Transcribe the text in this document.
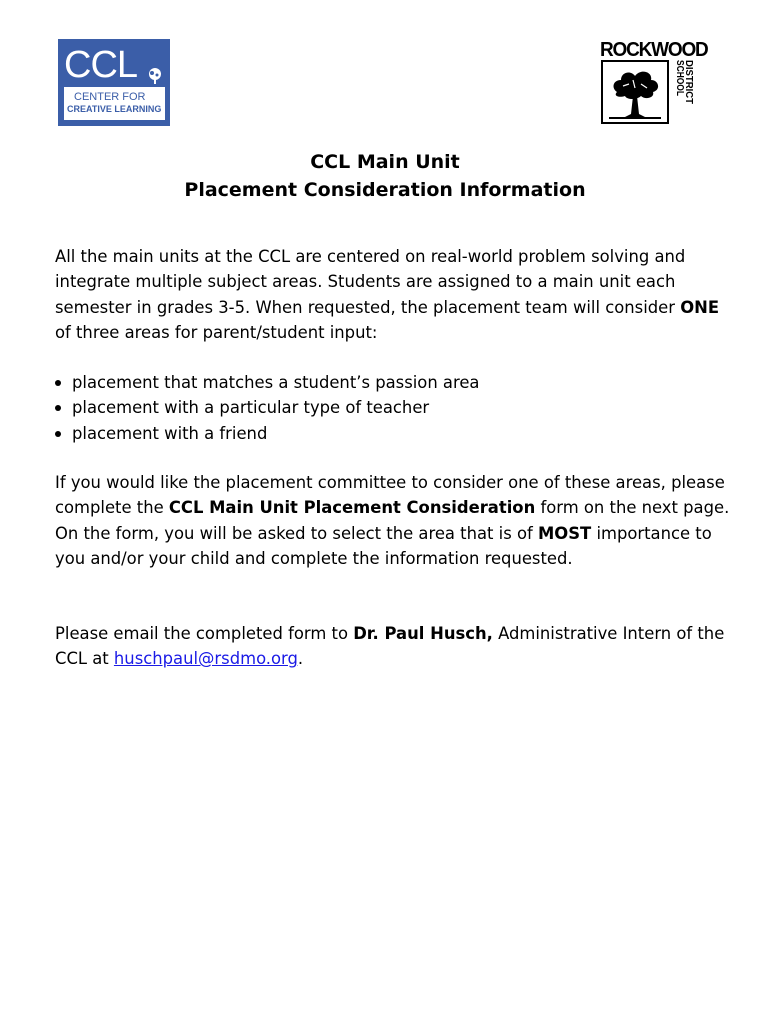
CCL
CENTER FOR
CREATIVE LEARNING
ROCKWOOD
SCHOOL
DISTRICT
CCL Main Unit
Placement Consideration Information
All the main units at the CCL are centered on real-world problem solving and integrate multiple subject areas. Students are assigned to a main unit each semester in grades 3-5. When requested, the placement team will consider ONE of three areas for parent/student input:
placement that matches a student’s passion area
placement with a particular type of teacher
placement with a friend
If you would like the placement committee to consider one of these areas, please complete the CCL Main Unit Placement Consideration form on the next page. On the form, you will be asked to select the area that is of MOST importance to you and/or your child and complete the information requested.
Please email the completed form to Dr. Paul Husch, Administrative Intern of the CCL at huschpaul@rsdmo.org.
